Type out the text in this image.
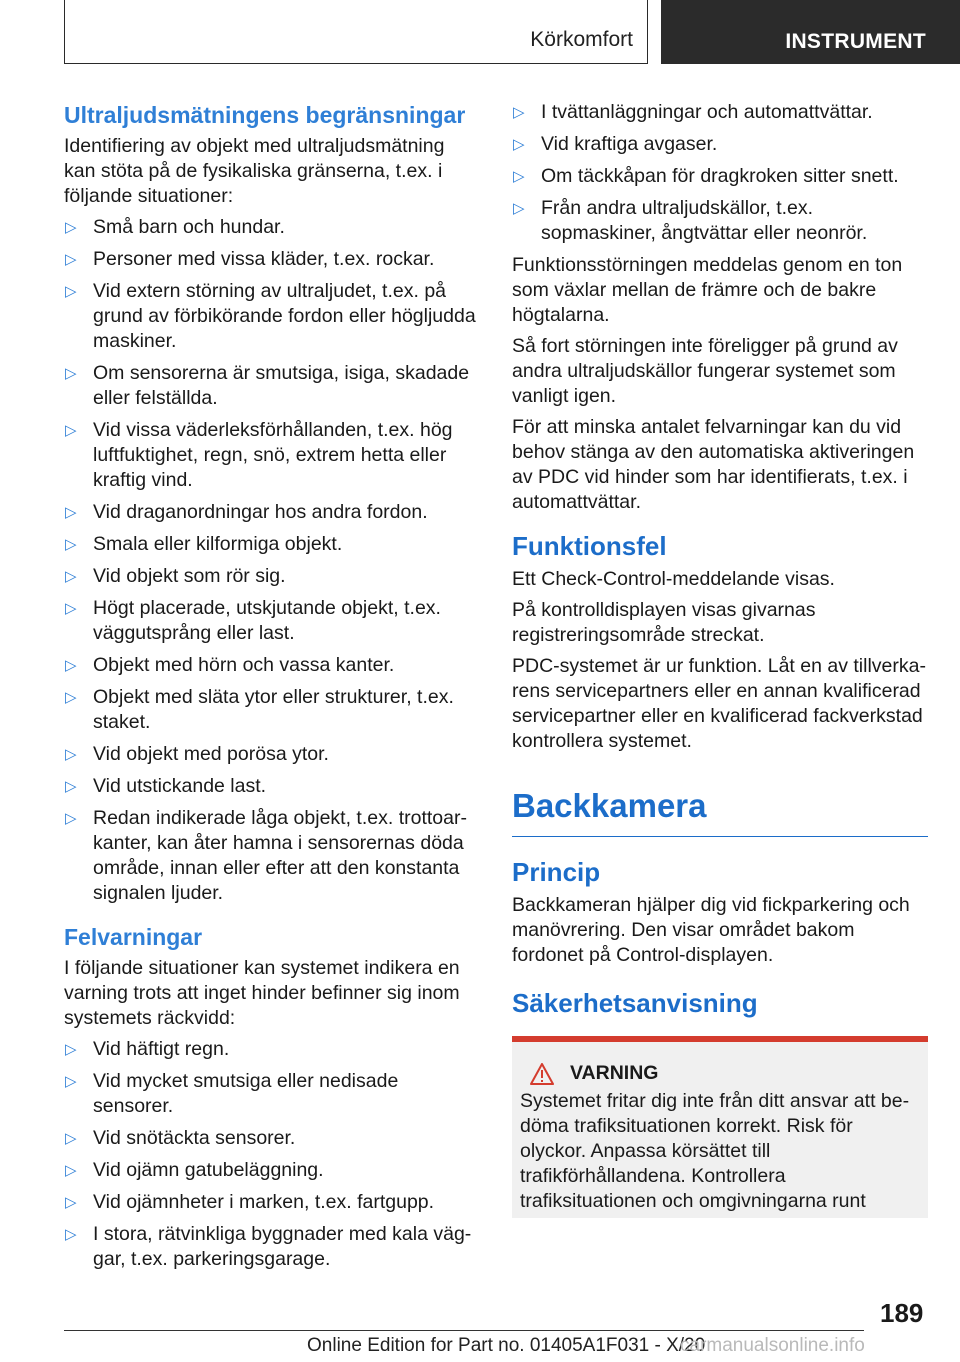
Körkomfort	INSTRUMENT
Ultraljudsmätningens begränsningar

Identifiering av objekt med ultraljudsmätning kan stöta på de fysikaliska gränserna, t.ex. i följande situationer:

▷ Små barn och hundar.
▷ Personer med vissa kläder, t.ex. rockar.
▷ Vid extern störning av ultraljudet, t.ex. på grund av förbikörande fordon eller högljudda maskiner.
▷ Om sensorerna är smutsiga, isiga, skadade eller felställda.
▷ Vid vissa väderleksförhållanden, t.ex. hög luftfuktighet, regn, snö, extrem hetta eller kraftig vind.
▷ Vid draganordningar hos andra fordon.
▷ Smala eller kilformiga objekt.
▷ Vid objekt som rör sig.
▷ Högt placerade, utskjutande objekt, t.ex. väggutsprång eller last.
▷ Objekt med hörn och vassa kanter.
▷ Objekt med släta ytor eller strukturer, t.ex. staket.
▷ Vid objekt med porösa ytor.
▷ Vid utstickande last.
▷ Redan indikerade låga objekt, t.ex. trottoarkanter, kan åter hamna i sensorernas döda område, innan eller efter att den konstanta signalen ljuder.
Felvarningar

I följande situationer kan systemet indikera en varning trots att inget hinder befinner sig inom systemets räckvidd:

▷ Vid häftigt regn.
▷ Vid mycket smutsiga eller nedisade sensorer.
▷ Vid snötäckta sensorer.
▷ Vid ojämn gatubeläggning.
▷ Vid ojämnheter i marken, t.ex. fartgupp.
▷ I stora, rätvinkliga byggnader med kala väggar, t.ex. parkeringsgarage.
▷ I tvättanläggningar och automattvättar.
▷ Vid kraftiga avgaser.
▷ Om täckkåpan för dragkroken sitter snett.
▷ Från andra ultraljudskällor, t.ex. sopmaskiner, ångtvättar eller neonrör.

Funktionsstörningen meddelas genom en ton som växlar mellan de främre och de bakre högtalarna.

Så fort störningen inte föreligger på grund av andra ultraljudskällor fungerar systemet som vanligt igen.

För att minska antalet felvarningar kan du vid behov stänga av den automatiska aktiveringen av PDC vid hinder som har identifierats, t.ex. i automattvättar.

Funktionsfel

Ett Check-Control-meddelande visas.

På kontrolldisplayen visas givarnas registreringsområde streckat.

PDC-systemet är ur funktion. Låt en av tillverkarens servicepartners eller en annan kvalificerad servicepartner eller en kvalificerad fackverkstad kontrollera systemet.

Backkamera
Princip

Backkameran hjälper dig vid fickparkering och manövrering. Den visar området bakom fordonet på Control-displayen.

Säkerhetsanvisning
VARNING

Systemet fritar dig inte från ditt ansvar att bedöma trafiksituationen korrekt. Risk för olyckor. Anpassa körsättet till trafikförhållandena. Kontrollera trafiksituationen och omgivningarna runt

189
Online Edition for Part no. 01405A1F031 - X/20
carmanualsonline.info
